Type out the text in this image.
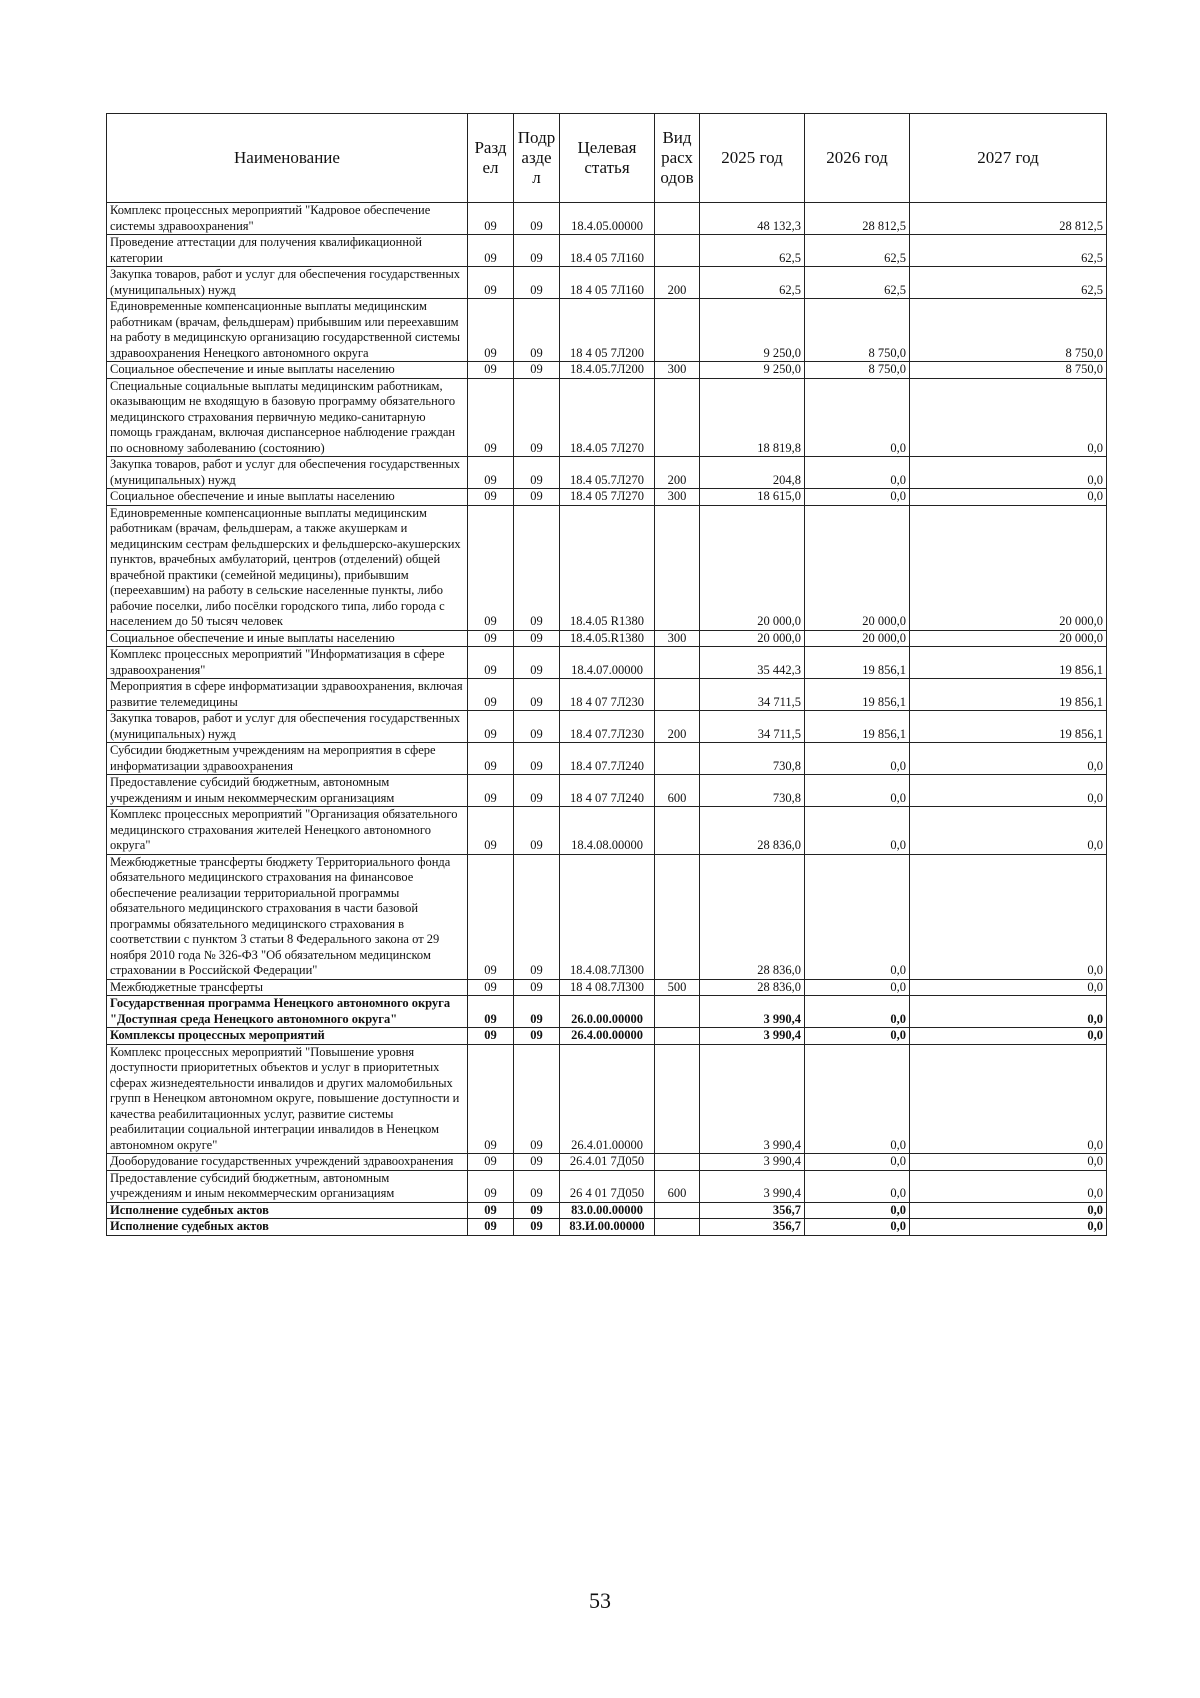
Наименование	Разд ел	Подр азде л	Целевая статья	Вид расх одов	2025 год	2026 год	2027 год
Комплекс процессных мероприятий "Кадровое обеспечение системы здравоохранения"	09	09	18.4.05.00000		48 132,3	28 812,5	28 812,5
Проведение аттестации для получения квалификационной категории	09	09	18.4 05 7Л160		62,5	62,5	62,5
Закупка товаров, работ и услуг для обеспечения государственных (муниципальных) нужд	09	09	18 4 05 7Л160	200	62,5	62,5	62,5
Единовременные компенсационные выплаты медицинским работникам (врачам, фельдшерам) прибывшим или переехавшим на работу в медицинскую организацию государственной системы здравоохранения Ненецкого автономного округа	09	09	18 4 05 7Л200		9 250,0	8 750,0	8 750,0
Социальное обеспечение и иные выплаты населению	09	09	18.4.05.7Л200	300	9 250,0	8 750,0	8 750,0
Специальные социальные выплаты медицинским работникам, оказывающим не входящую в базовую программу обязательного медицинского страхования первичную медико-санитарную помощь гражданам, включая диспансерное наблюдение граждан по основному заболеванию (состоянию)	09	09	18.4.05 7Л270		18 819,8	0,0	0,0
Закупка товаров, работ и услуг для обеспечения государственных (муниципальных) нужд	09	09	18.4 05.7Л270	200	204,8	0,0	0,0
Социальное обеспечение и иные выплаты населению	09	09	18.4 05 7Л270	300	18 615,0	0,0	0,0
Единовременные компенсационные выплаты медицинским работникам (врачам, фельдшерам, а также акушеркам и медицинским сестрам фельдшерских и фельдшерско-акушерских пунктов, врачебных амбулаторий, центров (отделений) общей врачебной практики (семейной медицины), прибывшим (переехавшим) на работу в сельские населенные пункты, либо рабочие поселки, либо посёлки городского типа, либо города с населением до 50 тысяч человек	09	09	18.4.05 R1380		20 000,0	20 000,0	20 000,0
Социальное обеспечение и иные выплаты населению	09	09	18.4.05.R1380	300	20 000,0	20 000,0	20 000,0
Комплекс процессных мероприятий "Информатизация в сфере здравоохранения"	09	09	18.4.07.00000		35 442,3	19 856,1	19 856,1
Мероприятия в сфере информатизации здравоохранения, включая развитие телемедицины	09	09	18 4 07 7Л230		34 711,5	19 856,1	19 856,1
Закупка товаров, работ и услуг для обеспечения государственных (муниципальных) нужд	09	09	18.4 07.7Л230	200	34 711,5	19 856,1	19 856,1
Субсидии бюджетным учреждениям на мероприятия в сфере информатизации здравоохранения	09	09	18.4 07.7Л240		730,8	0,0	0,0
Предоставление субсидий бюджетным, автономным учреждениям и иным некоммерческим организациям	09	09	18 4 07 7Л240	600	730,8	0,0	0,0
Комплекс процессных мероприятий "Организация обязательного медицинского страхования жителей Ненецкого автономного округа"	09	09	18.4.08.00000		28 836,0	0,0	0,0
Межбюджетные трансферты бюджету Территориального фонда обязательного медицинского страхования на финансовое обеспечение реализации территориальной программы обязательного медицинского страхования в части базовой программы обязательного медицинского страхования в соответствии с пунктом 3 статьи 8 Федерального закона от 29 ноября 2010 года № 326-ФЗ "Об обязательном медицинском страховании в Российской Федерации"	09	09	18.4.08.7Л300		28 836,0	0,0	0,0
Межбюджетные трансферты	09	09	18 4 08.7Л300	500	28 836,0	0,0	0,0
Государственная программа Ненецкого автономного округа "Доступная среда Ненецкого автономного округа"	09	09	26.0.00.00000		3 990,4	0,0	0,0
Комплексы процессных мероприятий	09	09	26.4.00.00000		3 990,4	0,0	0,0
Комплекс процессных мероприятий "Повышение уровня доступности приоритетных объектов и услуг в приоритетных сферах жизнедеятельности инвалидов и других маломобильных групп в Ненецком автономном округе, повышение доступности и качества реабилитационных услуг, развитие системы реабилитации социальной интеграции инвалидов в Ненецком автономном округе"	09	09	26.4.01.00000		3 990,4	0,0	0,0
Дооборудование государственных учреждений здравоохранения	09	09	26.4.01 7Д050		3 990,4	0,0	0,0
Предоставление субсидий бюджетным, автономным учреждениям и иным некоммерческим организациям	09	09	26 4 01 7Д050	600	3 990,4	0,0	0,0
Исполнение судебных актов	09	09	83.0.00.00000		356,7	0,0	0,0
Исполнение судебных актов	09	09	83.И.00.00000		356,7	0,0	0,0
53
